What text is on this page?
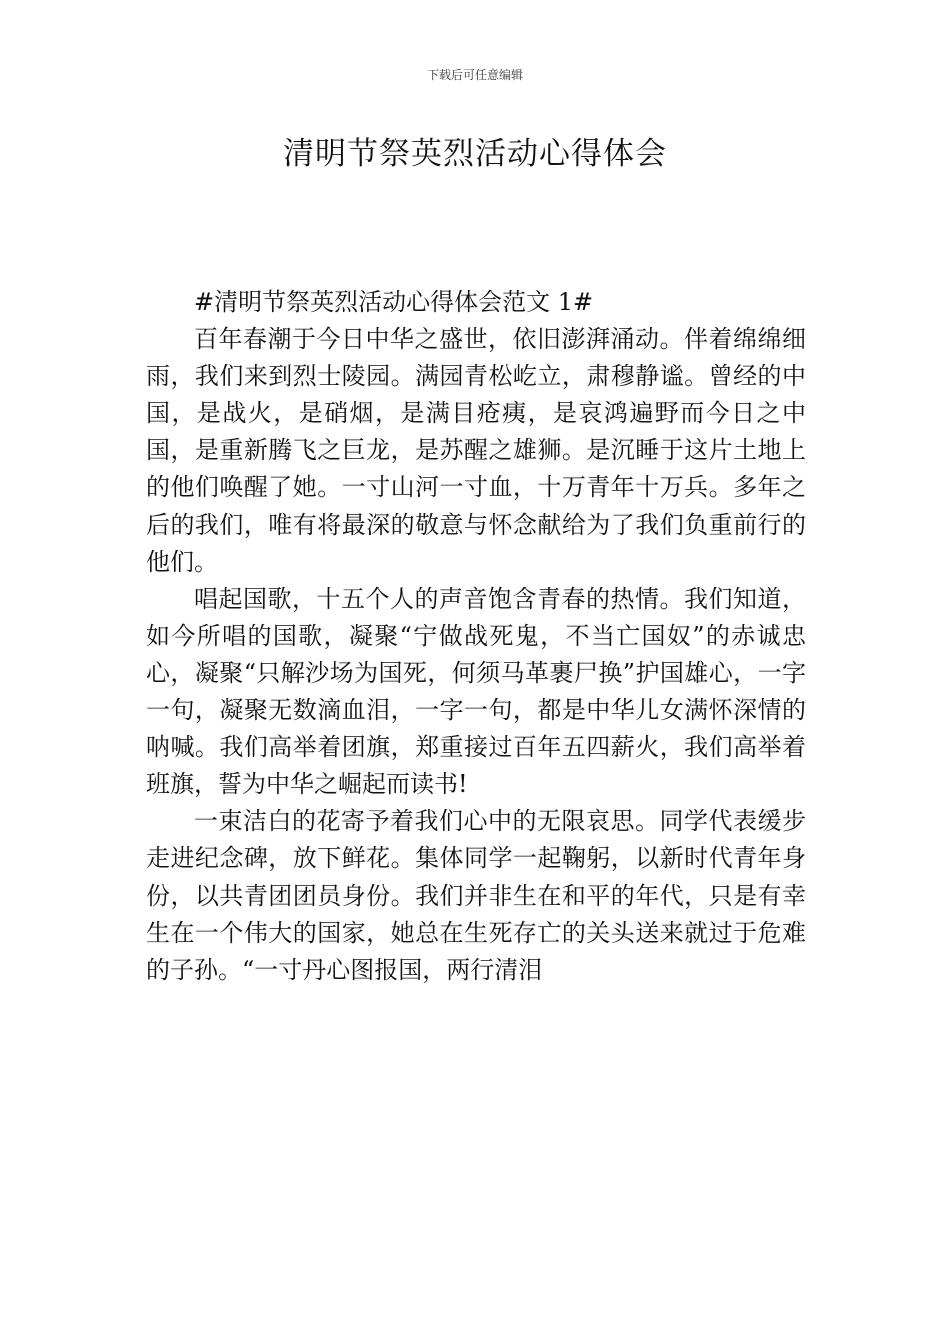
下载后可任意编辑
清明节祭英烈活动心得体会
#清明节祭英烈活动心得体会范文 1#

百年春潮于今日中华之盛世，依旧澎湃涌动。伴着绵绵细雨，我们来到烈士陵园。满园青松屹立，肃穆静谧。曾经的中国，是战火，是硝烟，是满目疮痍，是哀鸿遍野而今日之中国，是重新腾飞之巨龙，是苏醒之雄狮。是沉睡于这片土地上的他们唤醒了她。一寸山河一寸血，十万青年十万兵。多年之后的我们，唯有将最深的敬意与怀念献给为了我们负重前行的他们。

唱起国歌，十五个人的声音饱含青春的热情。我们知道，如今所唱的国歌，凝聚“宁做战死鬼，不当亡国奴”的赤诚忠心，凝聚“只解沙场为国死，何须马革裹尸换”护国雄心，一字一句，凝聚无数滴血泪，一字一句，都是中华儿女满怀深情的呐喊。我们高举着团旗，郑重接过百年五四薪火，我们高举着班旗，誓为中华之崛起而读书!

一束洁白的花寄予着我们心中的无限哀思。同学代表缓步走进纪念碑，放下鲜花。集体同学一起鞠躬，以新时代青年身份，以共青团团员身份。我们并非生在和平的年代，只是有幸生在一个伟大的国家，她总在生死存亡的关头送来就过于危难的子孙。“一寸丹心图报国，两行清泪
